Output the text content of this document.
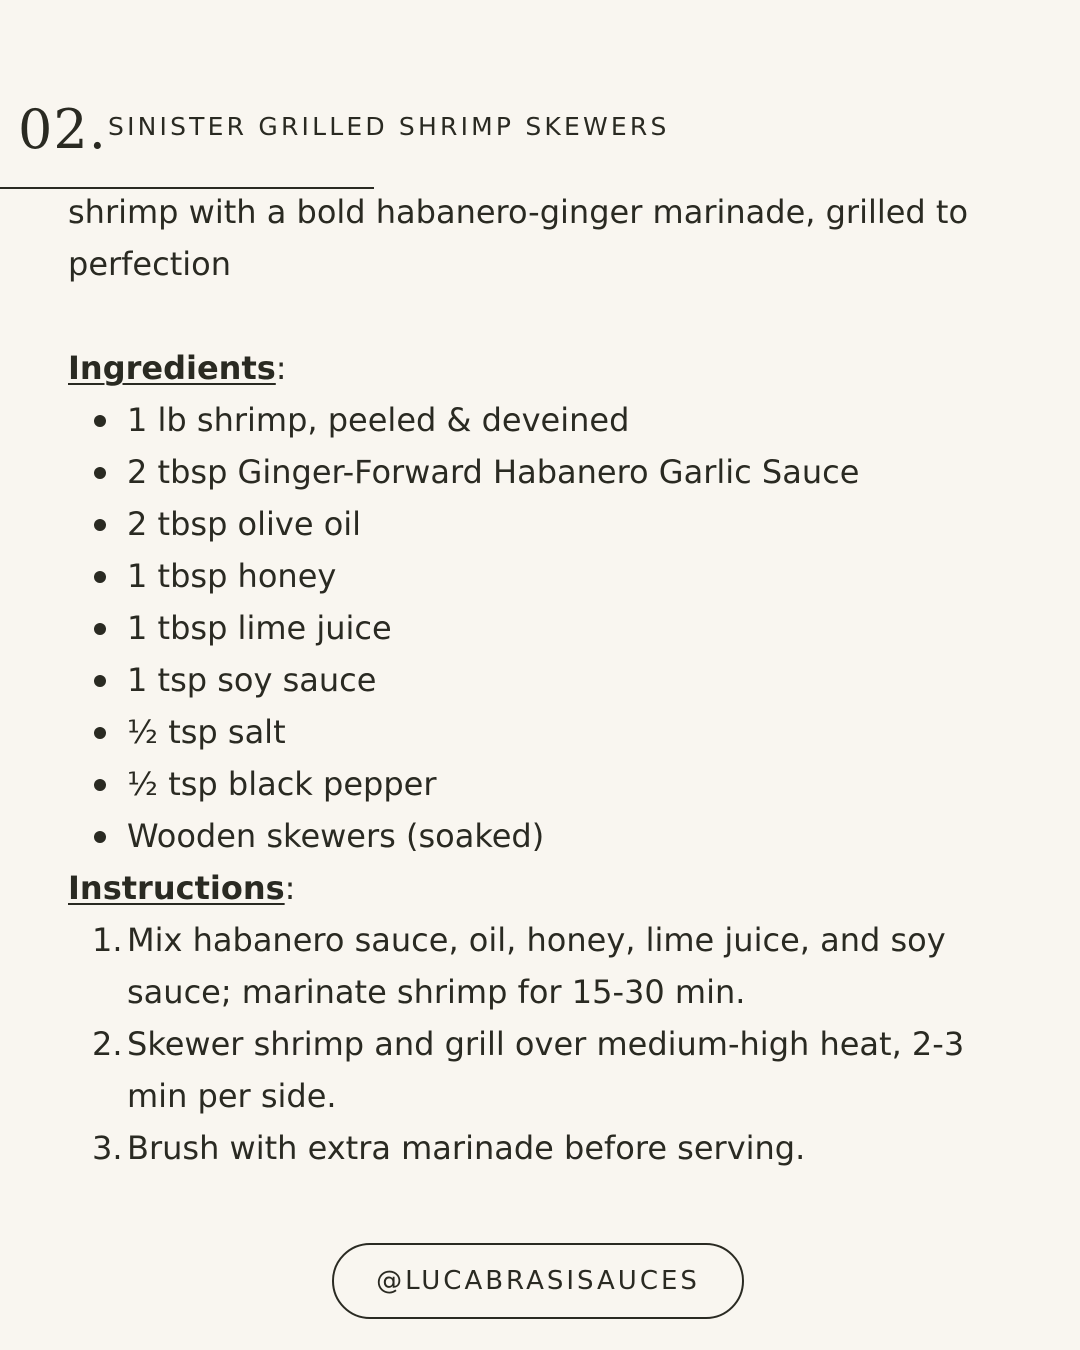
02. SINISTER GRILLED SHRIMP SKEWERS

shrimp with a bold habanero-ginger marinade, grilled to perfection

Ingredients:

1 lb shrimp, peeled & deveined
2 tbsp Ginger-Forward Habanero Garlic Sauce
2 tbsp olive oil
1 tbsp honey
1 tbsp lime juice
1 tsp soy sauce
½ tsp salt
½ tsp black pepper
Wooden skewers (soaked)

Instructions:

1. Mix habanero sauce, oil, honey, lime juice, and soy sauce; marinate shrimp for 15-30 min.
2. Skewer shrimp and grill over medium-high heat, 2-3 min per side.
3. Brush with extra marinade before serving.
@LUCABRASISAUCES
